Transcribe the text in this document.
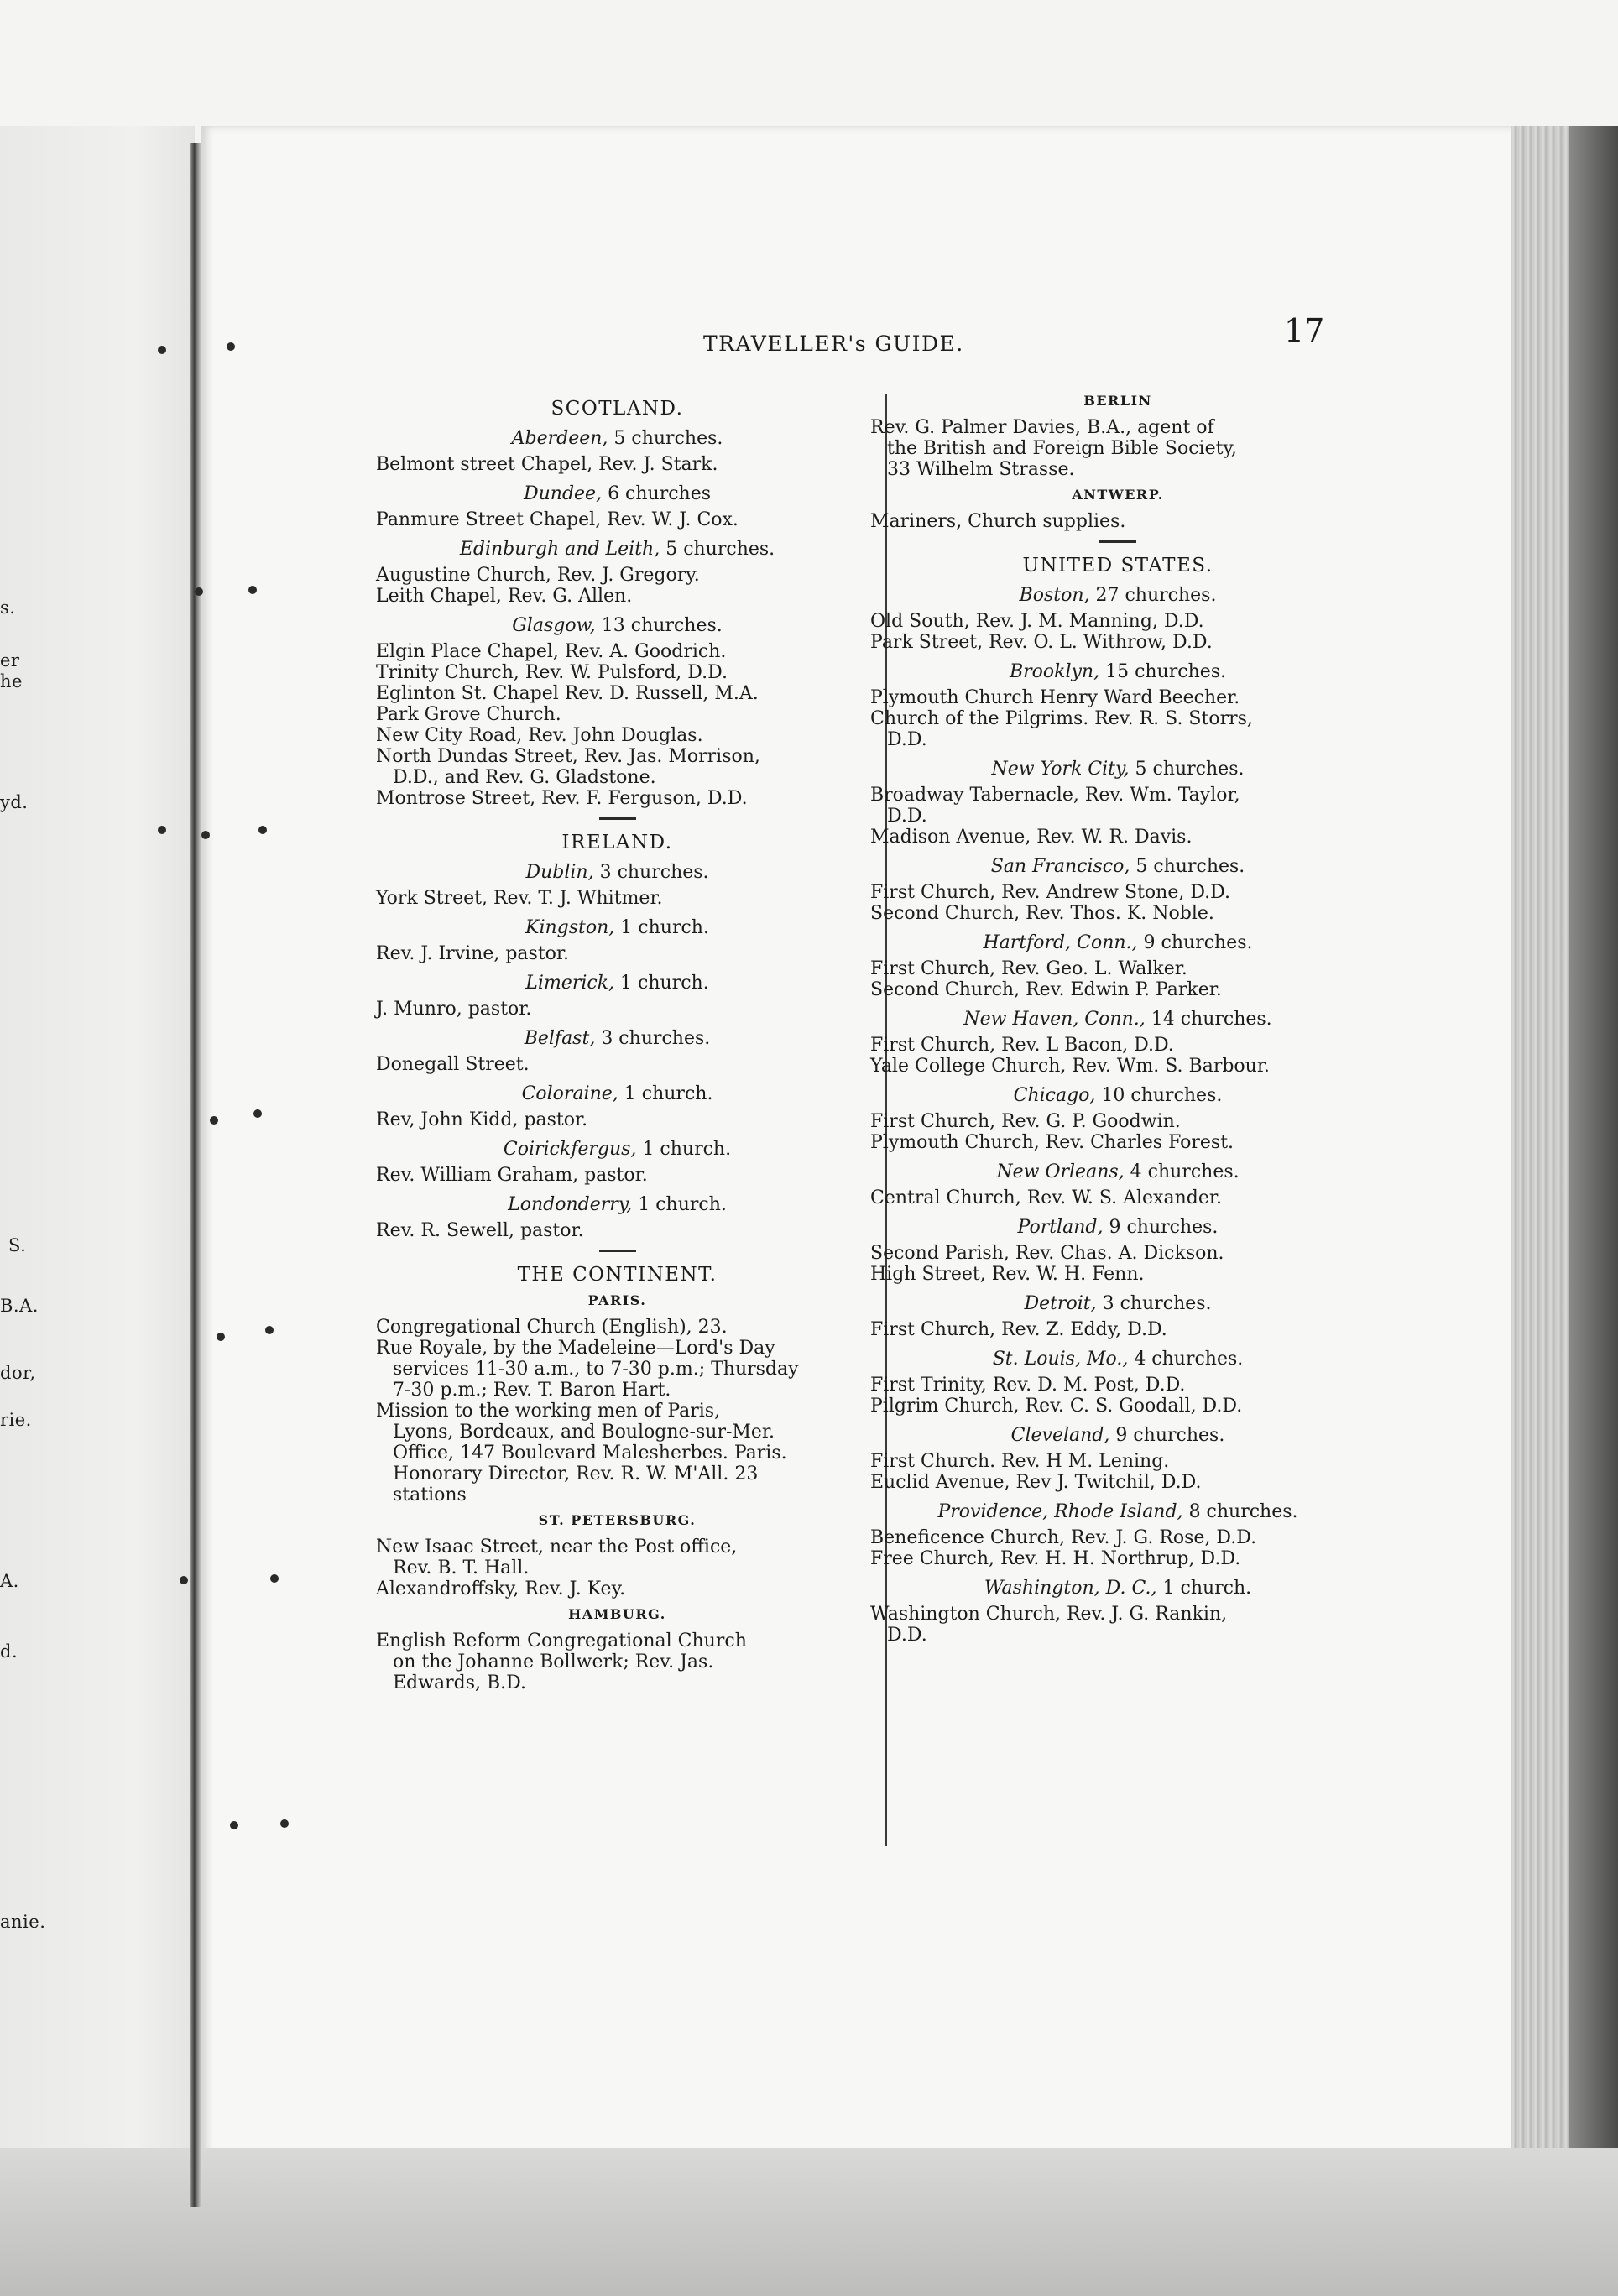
s.
er
he
yd.
S.
B.A.
dor,
rie.
A.
d.
anie.
TRAVELLER's GUIDE.	17
SCOTLAND.
Aberdeen, 5 churches.
Belmont street Chapel, Rev. J. Stark.
Dundee, 6 churches
Panmure Street Chapel, Rev. W. J. Cox.
Edinburgh and Leith, 5 churches.
Augustine Church, Rev. J. Gregory.
Leith Chapel, Rev. G. Allen.
Glasgow, 13 churches.
Elgin Place Chapel, Rev. A. Goodrich.
Trinity Church, Rev. W. Pulsford, D.D.
Eglinton St. Chapel Rev. D. Russell, M.A.
Park Grove Church.
New City Road, Rev. John Douglas.
North Dundas Street, Rev. Jas. Morrison,
D.D., and Rev. G. Gladstone.
Montrose Street, Rev. F. Ferguson, D.D.
IRELAND.
Dublin, 3 churches.
York Street, Rev. T. J. Whitmer.
Kingston, 1 church.
Rev. J. Irvine, pastor.
Limerick, 1 church.
J. Munro, pastor.
Belfast, 3 churches.
Donegall Street.
Coloraine, 1 church.
Rev, John Kidd, pastor.
Coirickfergus, 1 church.
Rev. William Graham, pastor.
Londonderry, 1 church.
Rev. R. Sewell, pastor.
THE CONTINENT.
PARIS.
Congregational Church (English), 23.
Rue Royale, by the Madeleine—Lord's Day
services 11-30 a.m., to 7-30 p.m.; Thursday
7-30 p.m.; Rev. T. Baron Hart.
Mission to the working men of Paris,
Lyons, Bordeaux, and Boulogne-sur-Mer.
Office, 147 Boulevard Malesherbes. Paris.
Honorary Director, Rev. R. W. M'All. 23
stations
ST. PETERSBURG.
New Isaac Street, near the Post office,
Rev. B. T. Hall.
Alexandroffsky, Rev. J. Key.
HAMBURG.
English Reform Congregational Church
on the Johanne Bollwerk; Rev. Jas.
Edwards, B.D.
BERLIN
Rev. G. Palmer Davies, B.A., agent of
the British and Foreign Bible Society,
33 Wilhelm Strasse.
ANTWERP.
Mariners, Church supplies.
UNITED STATES.
Boston, 27 churches.
Old South, Rev. J. M. Manning, D.D.
Park Street, Rev. O. L. Withrow, D.D.
Brooklyn, 15 churches.
Plymouth Church Henry Ward Beecher.
Church of the Pilgrims. Rev. R. S. Storrs,
D.D.
New York City, 5 churches.
Broadway Tabernacle, Rev. Wm. Taylor,
D.D.
Madison Avenue, Rev. W. R. Davis.
San Francisco, 5 churches.
First Church, Rev. Andrew Stone, D.D.
Second Church, Rev. Thos. K. Noble.
Hartford, Conn., 9 churches.
First Church, Rev. Geo. L. Walker.
Second Church, Rev. Edwin P. Parker.
New Haven, Conn., 14 churches.
First Church, Rev. L Bacon, D.D.
Yale College Church, Rev. Wm. S. Barbour.
Chicago, 10 churches.
First Church, Rev. G. P. Goodwin.
Plymouth Church, Rev. Charles Forest.
New Orleans, 4 churches.
Central Church, Rev. W. S. Alexander.
Portland, 9 churches.
Second Parish, Rev. Chas. A. Dickson.
High Street, Rev. W. H. Fenn.
Detroit, 3 churches.
First Church, Rev. Z. Eddy, D.D.
St. Louis, Mo., 4 churches.
First Trinity, Rev. D. M. Post, D.D.
Pilgrim Church, Rev. C. S. Goodall, D.D.
Cleveland, 9 churches.
First Church. Rev. H M. Lening.
Euclid Avenue, Rev J. Twitchil, D.D.
Providence, Rhode Island, 8 churches.
Beneficence Church, Rev. J. G. Rose, D.D.
Free Church, Rev. H. H. Northrup, D.D.
Washington, D. C., 1 church.
Washington Church, Rev. J. G. Rankin,
D.D.
